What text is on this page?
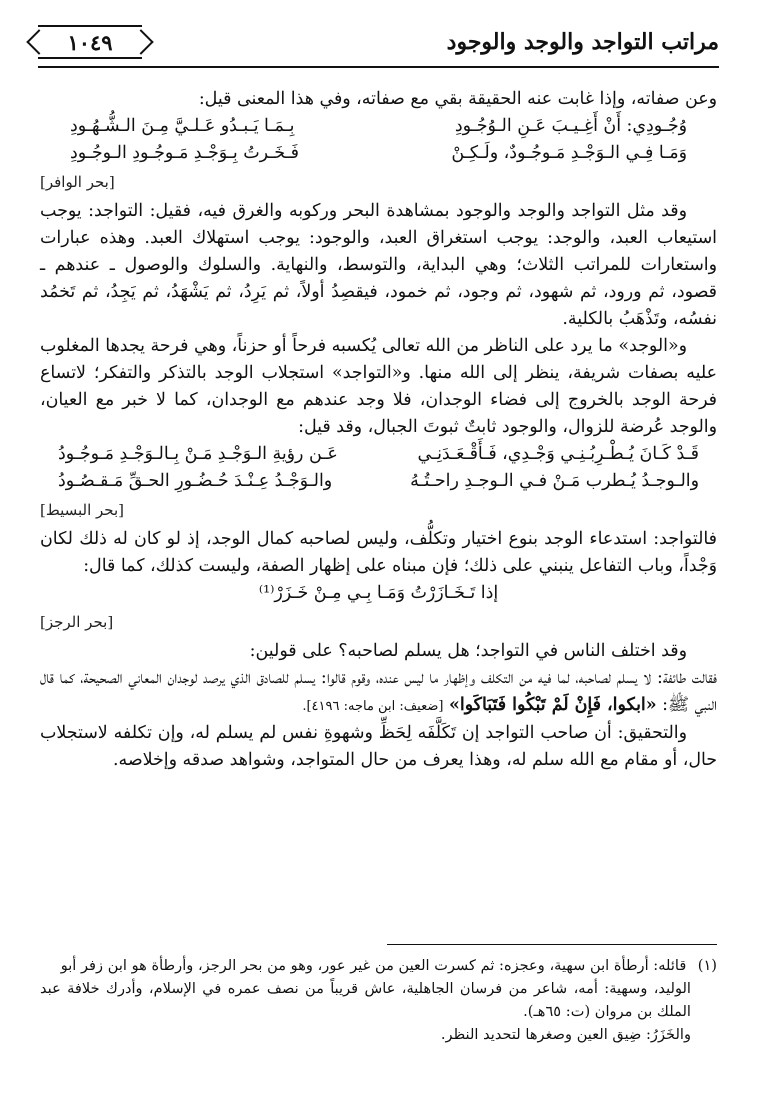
مراتب التواجد والوجد والوجود
١٠٤٩

وعن صفاته، وإذا غابت عنه الحقيقة بقي مع صفاته، وفي هذا المعنى قيل:

وُجُـودِي: أَنْ أَغِـيـبَ عَـنِ الـوُجُـودِ
بِـمَـا يَـبـدُو عَـلـيَّ مِـنَ الـشُّـهُـودِ
وَمَـا فِـي الـوَجْـدِ مَـوجُـودٌ، ولَـكِـنْ
فَـخَـرتُ بِـوَجْـدِ مَـوجُـودِ الـوجُـودِ
[بحر الوافر]

وقد مثل التواجد والوجد والوجود بمشاهدة البحر وركوبه والغرق فيه، فقيل: التواجد: يوجب استيعاب العبد، والوجد: يوجب استغراق العبد، والوجود: يوجب استهلاك العبد. وهذه عبارات واستعارات للمراتب الثلاث؛ وهي البداية، والتوسط، والنهاية. والسلوك والوصول ـ عندهم ـ قصود، ثم ورود، ثم شهود، ثم وجود، ثم خمود، فيقصِدُ أولاً، ثم يَرِدُ، ثم يَشْهَدُ، ثم يَجِدُ، ثم تَخمُد نفسُه، وتَذْهَبُ بالكلية.

و«الوجد» ما يرد على الناظر من الله تعالى يُكسبه فرحاً أو حزناً، وهي فرحة يجدها المغلوب عليه بصفات شريفة، ينظر إلى الله منها. و«التواجد» استجلاب الوجد بالتذكر والتفكر؛ لاتساع فرحة الوجد بالخروج إلى فضاء الوجدان، فلا وجد عندهم مع الوجدان، كما لا خبر مع العيان، والوجد عُرضة للزوال، والوجود ثابتٌ ثبوتَ الجبال، وقد قيل:

قَـدْ كَـانَ يُـطْـرِبُـنِـي وَجْـدِي، فَـأَقْـعَـدَنِـي
عَـن رؤيةِ الـوَجْـدِ مَـنْ بِـالـوَجْـدِ مَـوجُـودُ
والـوجـدُ يُـطرب مَـنْ فـي الـوجـدِ راحـتُـهُ
والـوَجْـدُ عِـنْـدَ حُـضُـورِ الحـقِّ مَـقـصُـودُ
[بحر البسيط]

فالتواجد: استدعاء الوجد بنوع اختيار وتكلُّف، وليس لصاحبه كمال الوجد، إذ لو كان له ذلك لكان وَجْداً، وباب التفاعل ينبني على ذلك؛ فإن مبناه على إظهار الصفة، وليست كذلك، كما قال:

إذا تَـخَـازَرْتُ وَمَـا بِـي مِـنْ خَـزَرْ⁽¹⁾

[بحر الرجز]

وقد اختلف الناس في التواجد؛ هل يسلم لصاحبه؟ على قولين:

فقالت طائفة: لا يسلم لصاحبه، لما فيه من التكلف وإظهار ما ليس عنده، وقوم قالوا: يسلم للصادق الذي يرصد لوجدان المعاني الصحيحة، كما قال النبي ﷺ: «ابكوا، فَإِنْ لَمْ تَبْكُوا فَتَبَاكَوا» [ضعيف: ابن ماجه: ٤١٩٦].

والتحقيق: أن صاحب التواجد إن تَكَلَّفَه لِحَظِّ وشهوةِ نفس لم يسلم له، وإن تكلفه لاستجلاب حال، أو مقام مع الله سلم له، وهذا يعرف من حال المتواجد، وشواهد صدقه وإخلاصه.

(١) قائله: أرطأة ابن سهية، وعجزه: ثم كسرت العين من غير عور، وهو من بحر الرجز، وأرطأة هو ابن زفر أبو

الوليد، وسهية: أمه، شاعر من فرسان الجاهلية، عاش قريباً من نصف عمره في الإسلام، وأدرك خلافة عبد الملك بن مروان (ت: ٦٥هـ).

والخَزَرُ: ضِيق العين وصغرها لتحديد النظر.
